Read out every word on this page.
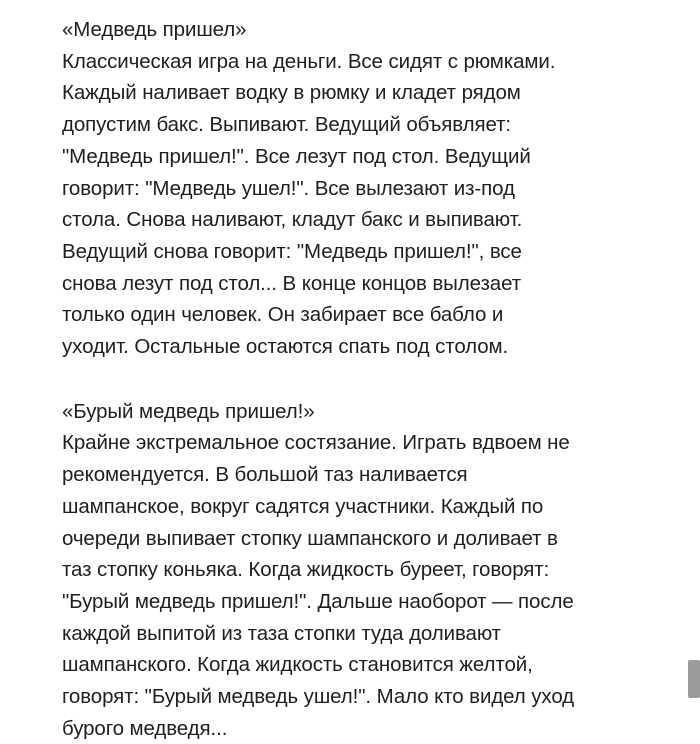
«Медведь пришел»
Классическая игра на деньги. Все сидят с рюмками.
Каждый наливает водку в рюмку и кладет рядом
допустим бакс. Выпивают. Ведущий объявляет:
"Медведь пришел!". Все лезут под стол. Ведущий
говорит: "Медведь ушел!". Все вылезают из-под
стола. Снова наливают, кладут бакс и выпивают.
Ведущий снова говорит: "Медведь пришел!", все
снова лезут под стол... В конце концов вылезает
только один человек. Он забирает все бабло и
уходит. Остальные остаются спать под столом.
«Бурый медведь пришел!»
Крайне экстремальное состязание. Играть вдвоем не
рекомендуется. В большой таз наливается
шампанское, вокруг садятся участники. Каждый по
очереди выпивает стопку шампанского и доливает в
таз стопку коньяка. Когда жидкость буреет, говорят:
"Бурый медведь пришел!". Дальше наоборот — после
каждой выпитой из таза стопки туда доливают
шампанского. Когда жидкость становится желтой,
говорят: "Бурый медведь ушел!". Мало кто видел уход
бурого медведя...
